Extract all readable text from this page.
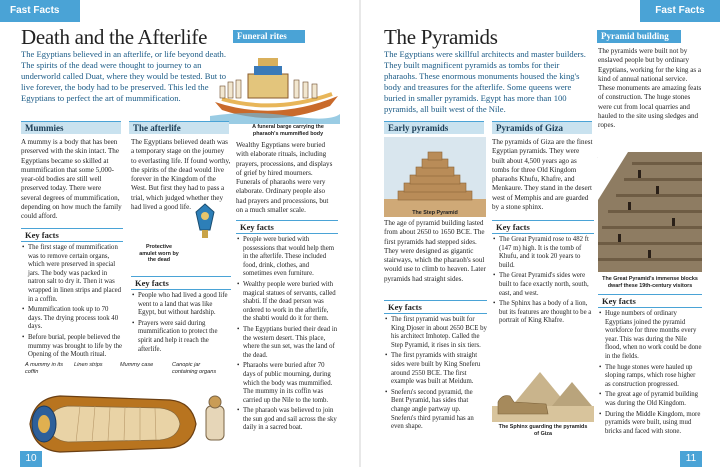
Fast Facts
Death and the Afterlife
The Egyptians believed in an afterlife, or life beyond death. The spirits of the dead were thought to journey to an underworld called Duat, where they would be tested. But to live forever, the body had to be preserved. This led the Egyptians to perfect the art of mummification.
Funeral rites
A funeral barge carrying the pharaoh's mummified body
Wealthy Egyptians were buried with elaborate rituals, including prayers, processions, and displays of grief by hired mourners. Funerals of pharaohs were very elaborate. Ordinary people also had prayers and processions, but on a much smaller scale.
Key facts
• People were buried with possessions that would help them in the afterlife. These included food, drink, clothes, and sometimes even furniture.
• Wealthy people were buried with magical statues of servants, called shabti. If the dead person was ordered to work in the afterlife, the shabti would do it for them.
• The Egyptians buried their dead in the western desert. This place, where the sun set, was the land of the dead.
• Pharaohs were buried after 70 days of public mourning, during which the body was mummified. The mummy in its coffin was carried up the Nile to the tomb.
• The pharaoh was believed to join the sun god and sail across the sky daily in a sacred boat.
Mummies
A mummy is a body that has been preserved with the skin intact. The Egyptians became so skilled at mummification that some 5,000-year-old bodies are still well preserved today. There were several degrees of mummification, depending on how much the family could afford.
Key facts
• The first stage of mummification was to remove certain organs, which were preserved in special jars. The body was packed in natron salt to dry it. Then it was wrapped in linen strips and placed in a coffin.
• Mummification took up to 70 days. The drying process took 40 days.
• Before burial, people believed the mummy was brought to life by the Opening of the Mouth ritual.
The afterlife
The Egyptians believed death was a temporary stage on the journey to everlasting life. If found worthy, the spirits of the dead would live forever in the Kingdom of the West. But first they had to pass a trial, which judged whether they had lived a good life.
Protective amulet worn by the dead
Key facts
• People who had lived a good life went to a land that was like Egypt, but without hardship.
• Prayers were said during mummification to protect the spirit and help it reach the afterlife.
A mummy in its coffin
Linen strips	Mummy case	Canopic jar containing organs
10
Fast Facts
The Pyramids
The Egyptians were skillful architects and master builders. They built magnificent pyramids as tombs for their pharaohs. These enormous monuments housed the king's body and treasures for the afterlife. Some queens were buried in smaller pyramids. Egypt has more than 100 pyramids, all built west of the Nile.
Pyramid building
The pyramids were built not by enslaved people but by ordinary Egyptians, working for the king as a kind of annual national service. These monuments are amazing feats of construction. The huge stones were cut from local quarries and hauled to the site using sledges and ropes.
The Great Pyramid's immense blocks dwarf these 19th-century visitors
Key facts
• Huge numbers of ordinary Egyptians joined the pyramid workforce for three months every year. This was during the Nile flood, when no work could be done in the fields.
• The huge stones were hauled up sloping ramps, which rose higher as construction progressed.
• The great age of pyramid building was during the Old Kingdom.
• During the Middle Kingdom, more pyramids were built, using mud bricks and faced with stone.
Early pyramids
The Step Pyramid
The age of pyramid building lasted from about 2650 to 1650 BCE. The first pyramids had stepped sides. They were designed as gigantic stairways, which the pharaoh's soul would use to climb to heaven. Later pyramids had straight sides.
Key facts
• The first pyramid was built for King Djoser in about 2650 BCE by his architect Imhotep. Called the Step Pyramid, it rises in six tiers.
• The first pyramids with straight sides were built by King Sneferu around 2550 BCE. The first example was built at Meidum.
• Sneferu's second pyramid, the Bent Pyramid, has sides that change angle partway up. Sneferu's third pyramid has an even shape.
Pyramids of Giza
The pyramids of Giza are the finest Egyptian pyramids. They were built about 4,500 years ago as tombs for three Old Kingdom pharaohs Khufu, Khafre, and Menkaure. They stand in the desert west of Memphis and are guarded by a stone sphinx.
Key facts
• The Great Pyramid rose to 482 ft (147 m) high. It is the tomb of Khufu, and it took 20 years to build.
• The Great Pyramid's sides were built to face exactly north, south, east, and west.
• The Sphinx has a body of a lion, but its features are thought to be a portrait of King Khafre.
The Sphinx guarding the pyramids of Giza
11
